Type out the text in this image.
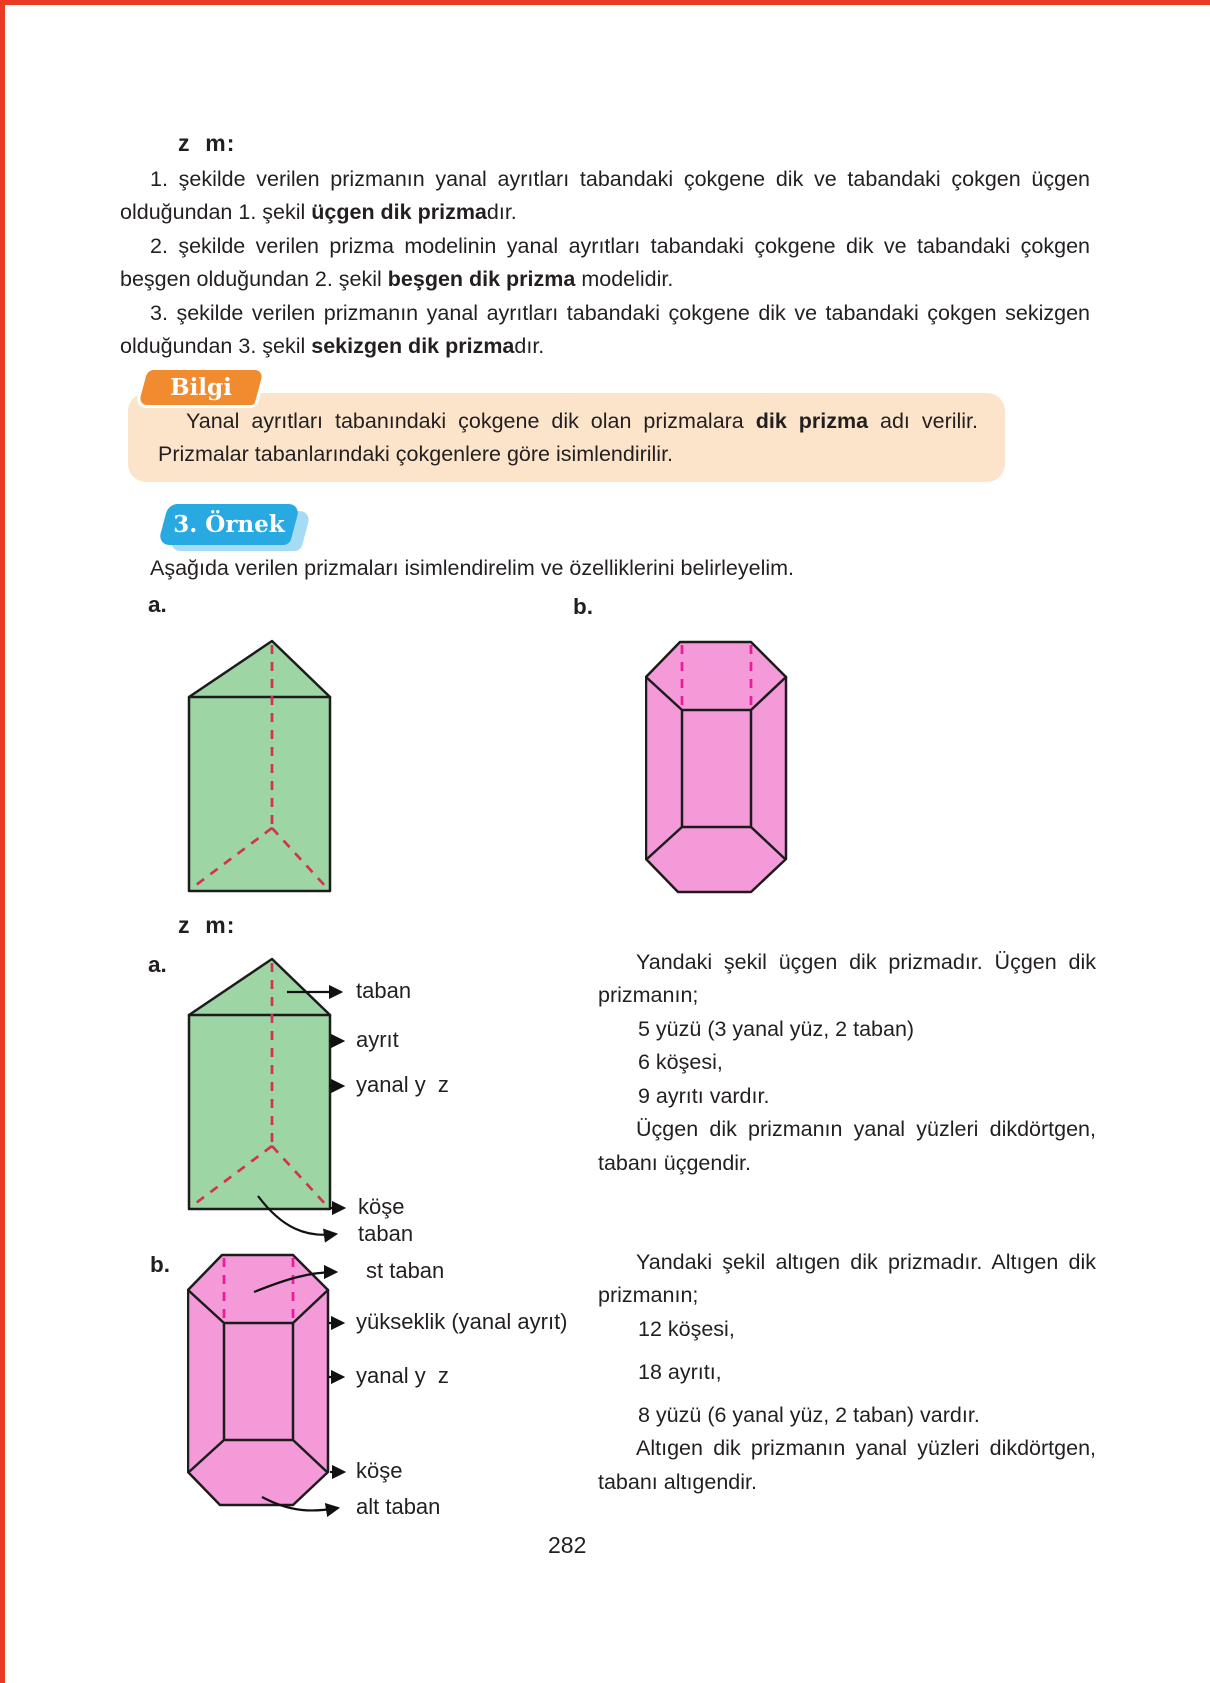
z  m:

1. şekilde verilen prizmanın yanal ayrıtları tabandaki çokgene dik ve tabandaki çokgen üçgen olduğundan 1. şekil üçgen dik prizmadır.

2. şekilde verilen prizma modelinin yanal ayrıtları tabandaki çokgene dik ve tabandaki çokgen beşgen olduğundan 2. şekil beşgen dik prizma modelidir.

3. şekilde verilen prizmanın yanal ayrıtları tabandaki çokgene dik ve tabandaki çokgen sekizgen olduğundan 3. şekil sekizgen dik prizmadır.

Yanal ayrıtları tabanındaki çokgene dik olan prizmalara dik prizma adı verilir. Prizmalar tabanlarındaki çokgenlere göre isimlendirilir.

Bilgi
3. Örnek
Aşağıda verilen prizmaları isimlendirelim ve özelliklerini belirleyelim.
a.	b.
z  m:
a.
b.
taban
ayrıt
yanal y  z
köşe
taban
st taban
yükseklik (yanal ayrıt)
yanal y  z
köşe
alt taban

Yandaki şekil üçgen dik prizmadır. Üçgen dik prizmanın;

5 yüzü (3 yanal yüz, 2 taban)
6 köşesi,
9 ayrıtı vardır.

Üçgen dik prizmanın yanal yüzleri dikdörtgen, tabanı üçgendir.

Yandaki şekil altıgen dik prizmadır. Altıgen dik prizmanın;

12 köşesi,
18 ayrıtı,
8 yüzü (6 yanal yüz, 2 taban) vardır.

Altıgen dik prizmanın yanal yüzleri dikdörtgen, tabanı altıgendir.

282
